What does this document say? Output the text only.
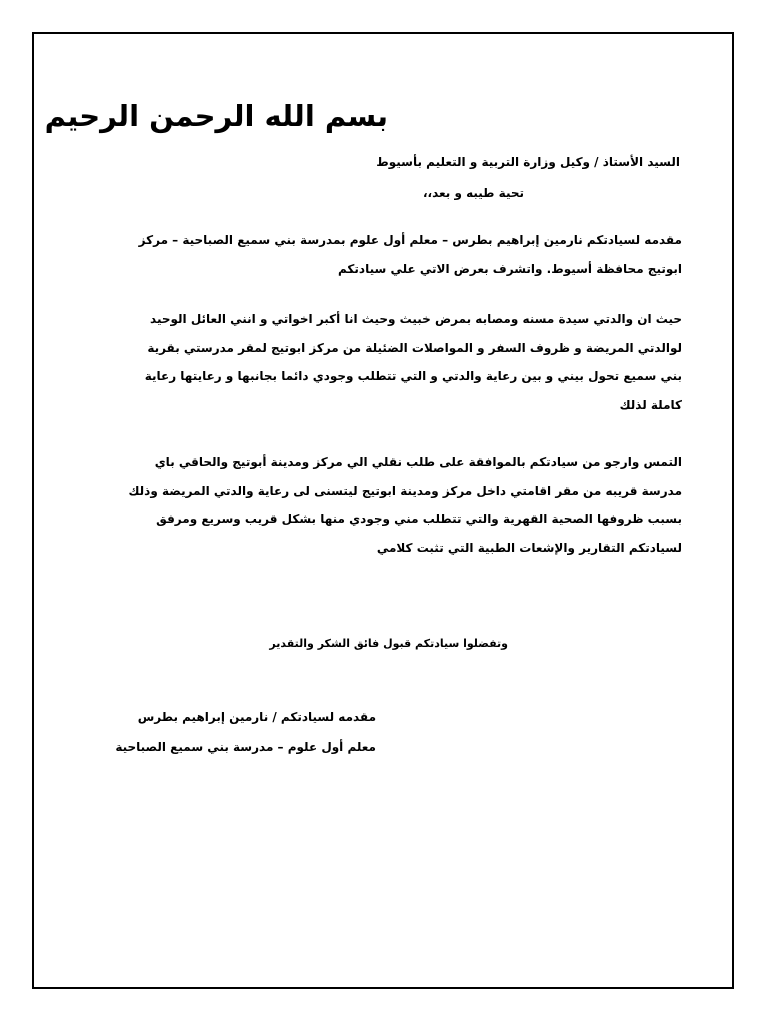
بسم الله الرحمن الرحيم
السيد الأستاذ / وكيل وزارة التربية و التعليم بأسيوط
تحية طيبه و بعد،،
مقدمه لسيادتكم نارمين إبراهيم بطرس – معلم أول علوم بمدرسة بني سميع الصباحية – مركز
ابوتيج محافظة أسيوط. واتشرف بعرض الاتي علي سيادتكم
حيث ان والدتي سيدة مسنه ومصابه بمرض خبيث وحيث انا أكبر اخواتي و انني العائل الوحيد
لوالدتي المريضة و ظروف السفر و المواصلات الضئيلة من مركز ابوتيج لمقر مدرستي بقرية
بني سميع تحول بيني و بين رعاية والدتي و التي تتطلب وجودي دائما بجانبها و رعايتها رعاية
كاملة لذلك
التمس وارجو من سيادتكم بالموافقة على طلب نقلي الي مركز ومدينة أبوتيج والحاقي باي
مدرسة قريبه من مقر اقامتي داخل مركز ومدينة ابوتيج ليتسنى لى رعاية والدتي المريضة وذلك
بسبب ظروفها الصحية القهرية والتي تتطلب مني وجودي منها بشكل قريب وسريع ومرفق
لسيادتكم التقارير والإشعات الطبية التي تثبت كلامي
وتفضلوا سيادتكم قبول فائق الشكر والتقدير
مقدمه لسيادتكم / نارمين إبراهيم بطرس
معلم أول علوم – مدرسة بني سميع الصباحية
